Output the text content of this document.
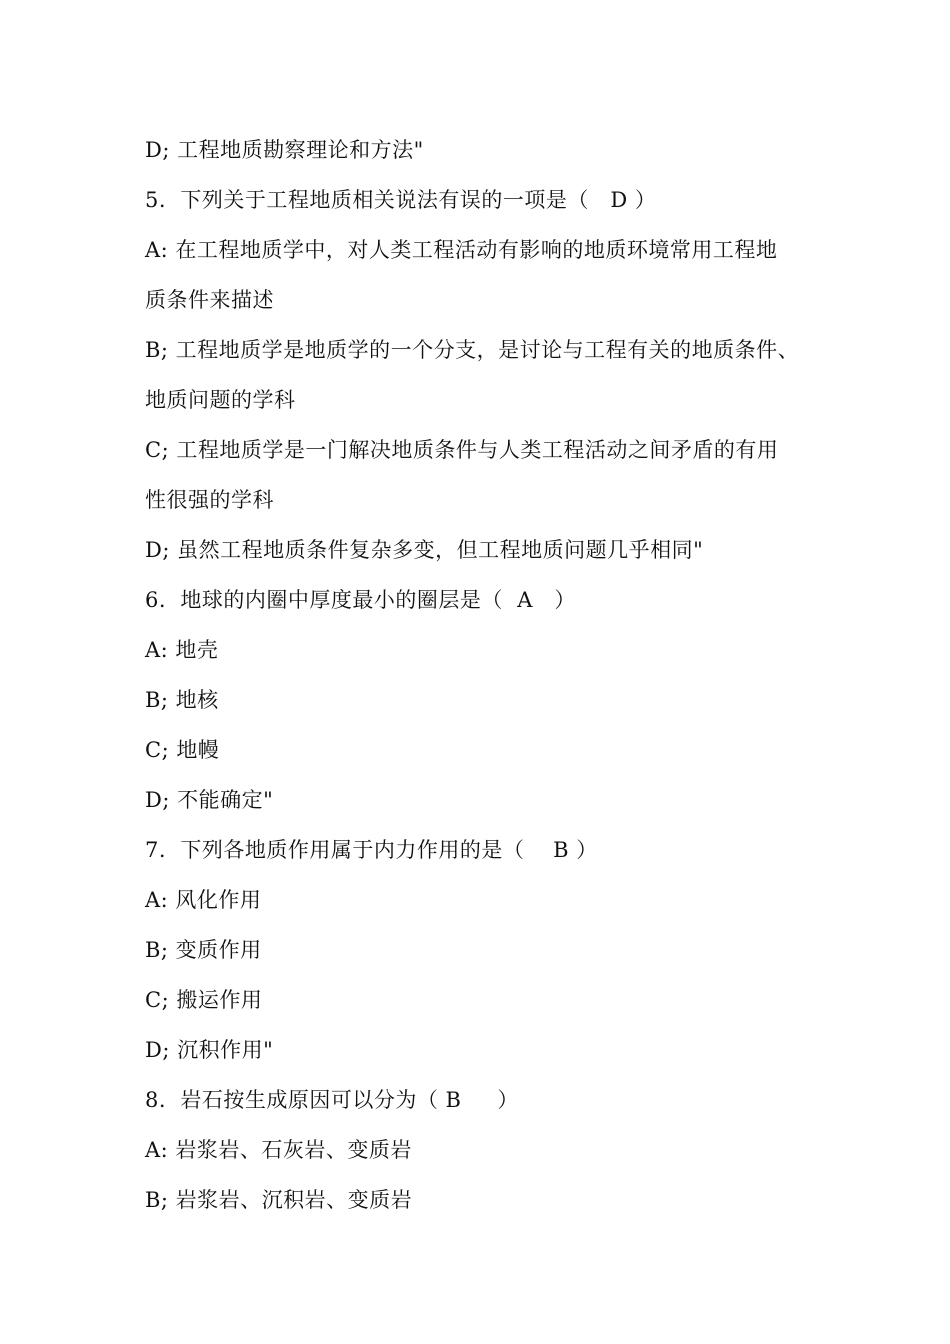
D; 工程地质勘察理论和方法"
5.  下列关于工程地质相关说法有误的一项是（   D ）
A: 在工程地质学中，对人类工程活动有影响的地质环境常用工程地
质条件来描述
B; 工程地质学是地质学的一个分支，是讨论与工程有关的地质条件、
地质问题的学科
C; 工程地质学是一门解决地质条件与人类工程活动之间矛盾的有用
性很强的学科
D; 虽然工程地质条件复杂多变，但工程地质问题几乎相同"
6.  地球的内圈中厚度最小的圈层是（  A   ）
A: 地壳
B; 地核
C; 地幔
D; 不能确定"
7.  下列各地质作用属于内力作用的是（    B ）
A: 风化作用
B; 变质作用
C; 搬运作用
D; 沉积作用"
8.  岩石按生成原因可以分为（ B     ）
A: 岩浆岩、石灰岩、变质岩
B; 岩浆岩、沉积岩、变质岩
